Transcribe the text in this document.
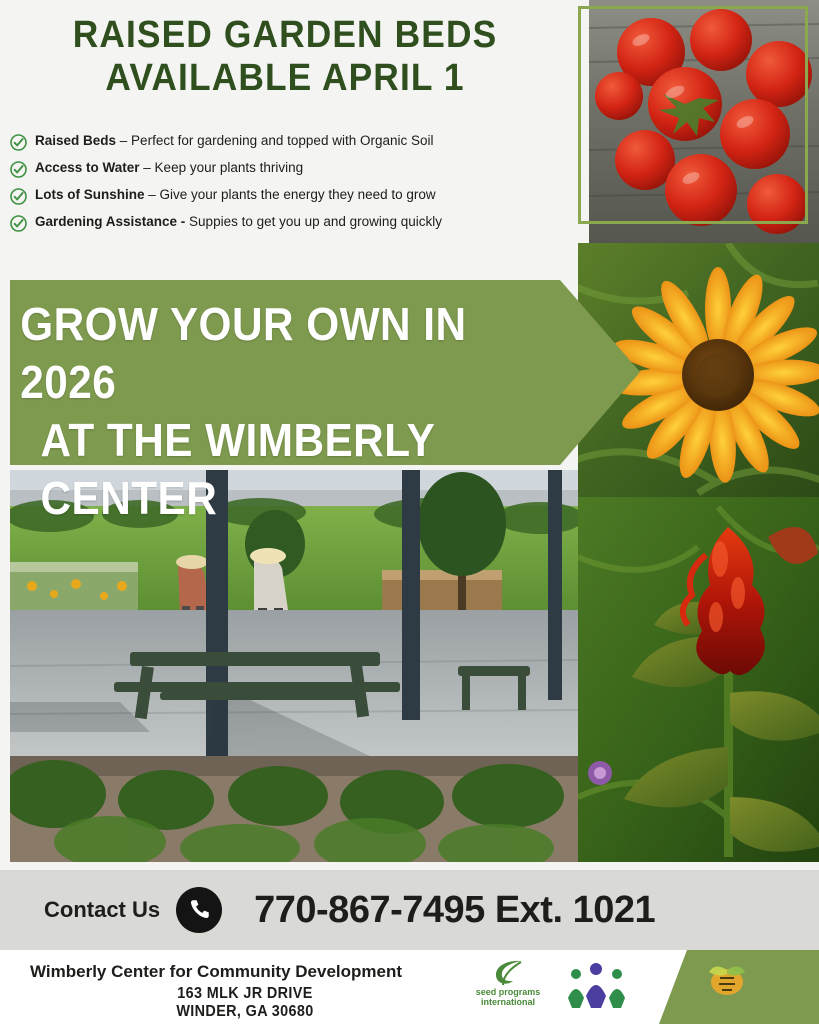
RAISED GARDEN BEDS
AVAILABLE APRIL 1
Raised Beds – Perfect for gardening and topped with Organic Soil
Access to Water – Keep your plants thriving
Lots of Sunshine – Give your plants the energy they need to grow
Gardening Assistance - Suppies to get you up and growing quickly
GROW YOUR OWN IN 2026
AT THE WIMBERLY CENTER
Contact Us 770-867-7495 Ext. 1021
Wimberly Center for Community Development
163 MLK JR DRIVE
WINDER, GA 30680
seed programs
international
